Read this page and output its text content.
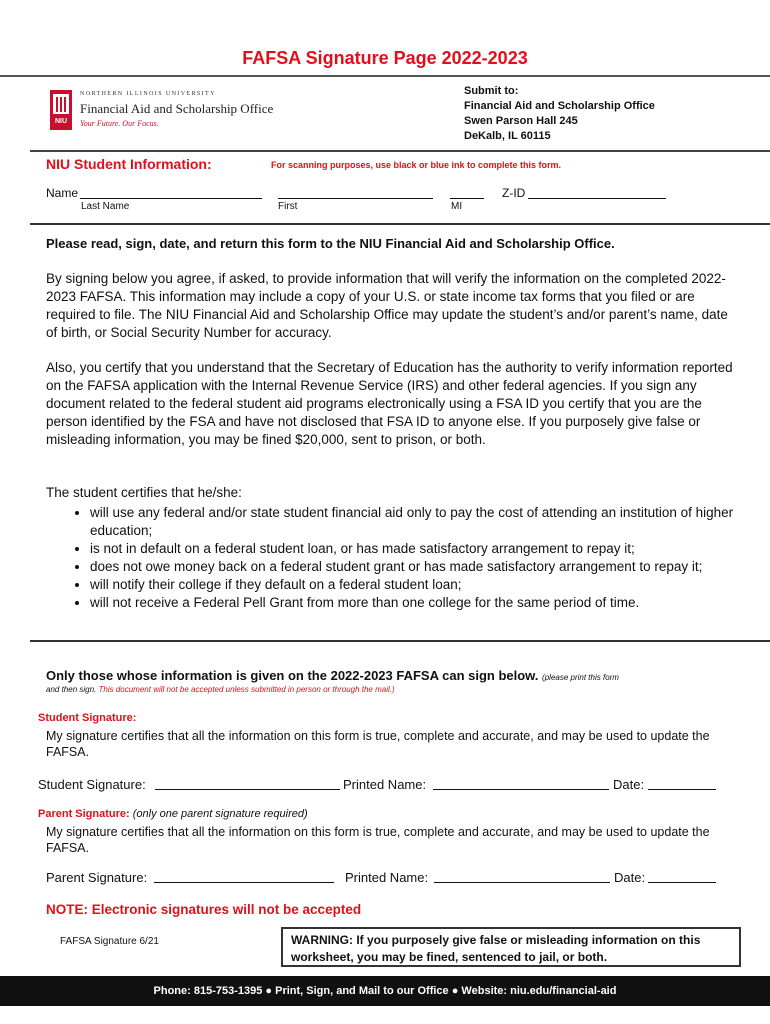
FAFSA Signature Page 2022-2023
NIU
NORTHERN ILLINOIS UNIVERSITY
Financial Aid and Scholarship Office
Your Future. Our Focus.
Submit to:
Financial Aid and Scholarship Office
Swen Parson Hall 245
DeKalb, IL 60115
NIU Student Information:	For scanning purposes, use black or blue ink to complete this form.
Name	Z-ID
Last Name	First	MI
Please read, sign, date, and return this form to the NIU Financial Aid and Scholarship Office.

By signing below you agree, if asked, to provide information that will verify the information on the completed 2022-2023 FAFSA. This information may include a copy of your U.S. or state income tax forms that you filed or are required to file. The NIU Financial Aid and Scholarship Office may update the student’s and/or parent’s name, date of birth, or Social Security Number for accuracy.

Also, you certify that you understand that the Secretary of Education has the authority to verify information reported on the FAFSA application with the Internal Revenue Service (IRS) and other federal agencies. If you sign any document related to the federal student aid programs electronically using a FSA ID you certify that you are the person identified by the FSA and have not disclosed that FSA ID to anyone else. If you purposely give false or misleading information, you may be fined $20,000, sent to prison, or both.

The student certifies that he/she:
• will use any federal and/or state student financial aid only to pay the cost of attending an institution of higher education;
• is not in default on a federal student loan, or has made satisfactory arrangement to repay it;
• does not owe money back on a federal student grant or has made satisfactory arrangement to repay it;
• will notify their college if they default on a federal student loan;
• will not receive a Federal Pell Grant from more than one college for the same period of time.
Only those whose information is given on the 2022-2023 FAFSA can sign below. (please print this form
and then sign. This document will not be accepted unless submitted in person or through the mail.)
Student Signature:
My signature certifies that all the information on this form is true, complete and accurate, and may be used to update the FAFSA.
Student Signature:	Printed Name:	Date:
Parent Signature: (only one parent signature required)
My signature certifies that all the information on this form is true, complete and accurate, and may be used to update the FAFSA.
Parent Signature:	Printed Name:	Date:
NOTE: Electronic signatures will not be accepted
FAFSA Signature 6/21	WARNING: If you purposely give false or misleading information on this worksheet, you may be fined, sentenced to jail, or both.
Phone: 815-753-1395 ● Print, Sign, and Mail to our Office ● Website: niu.edu/financial-aid
